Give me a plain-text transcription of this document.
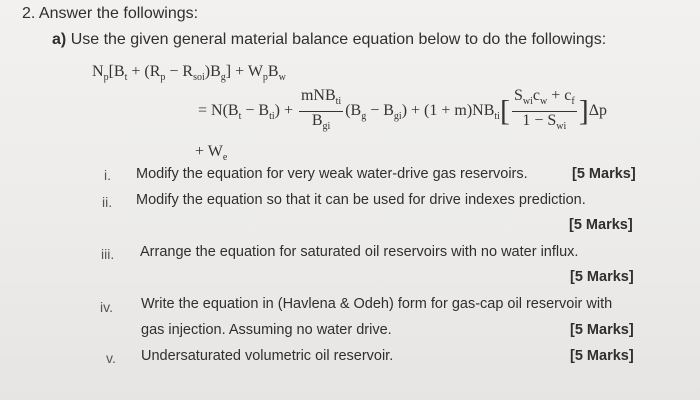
2. Answer the followings:
a) Use the given general material balance equation below to do the followings:
$N_p[B_t + (R_p - R_{soi})B_g] + W_pB_w$
= $N(B_t - B_{ti}) + \frac{mNB_{ti}}{B_{gi}} (B_g - B_{gi}) + (1 + m)NB_{ti}[ \frac{S_{wi}c_w + c_f}{1 - S_{wi}} ]\Delta p$
+ $W_e$
i. Modify the equation for very weak water-drive gas reservoirs.	[5 Marks]
ii. Modify the equation so that it can be used for drive indexes prediction.
[5 Marks]
iii. Arrange the equation for saturated oil reservoirs with no water influx.
[5 Marks]
iv. Write the equation in (Havlena & Odeh) form for gas-cap oil reservoir with
gas injection. Assuming no water drive.	[5 Marks]
v. Undersaturated volumetric oil reservoir.	[5 Marks]
